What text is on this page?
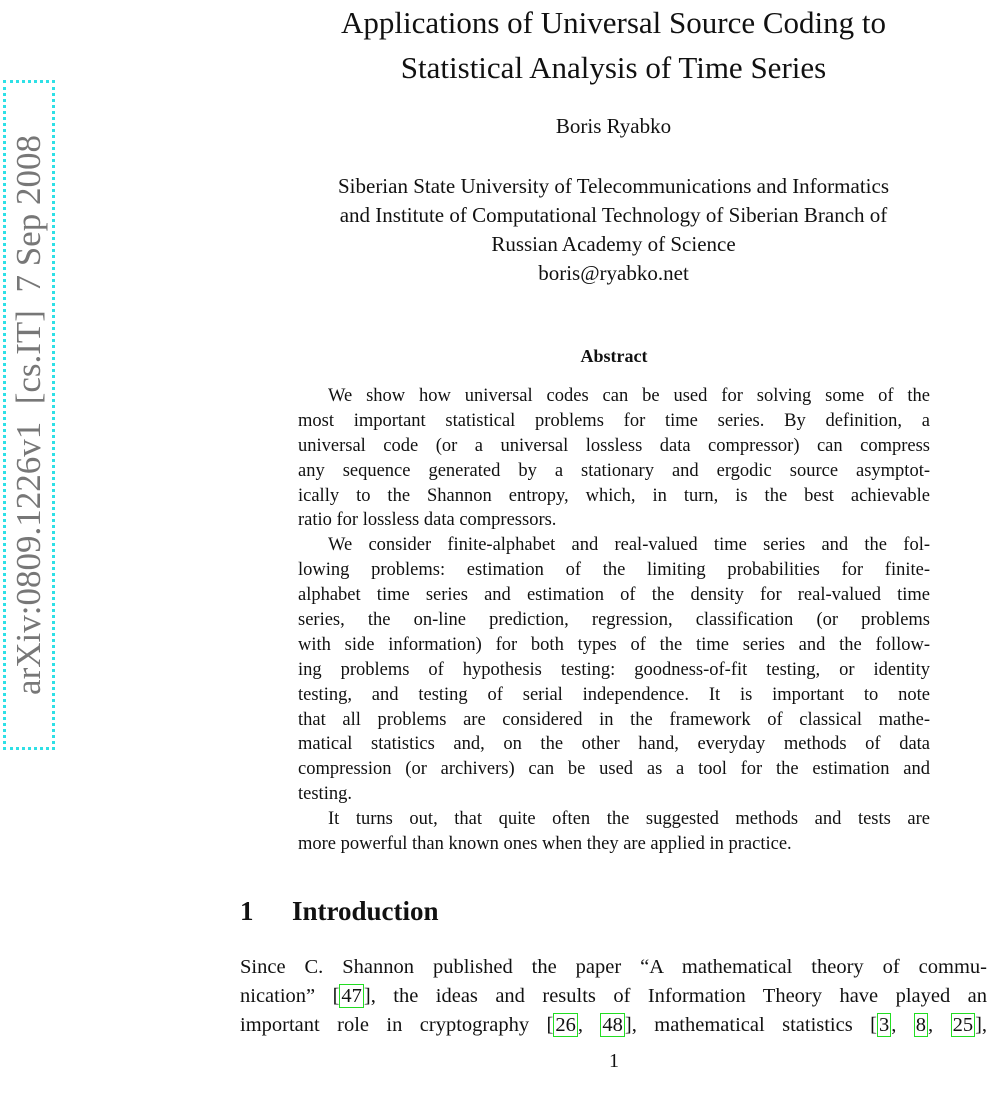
arXiv:0809.1226v1  [cs.IT]  7 Sep 2008
Applications of Universal Source Coding to
Statistical Analysis of Time Series
Boris Ryabko
Siberian State University of Telecommunications and Informatics
and Institute of Computational Technology of Siberian Branch of
Russian Academy of Science
boris@ryabko.net
Abstract
We show how universal codes can be used for solving some of the
most important statistical problems for time series. By definition, a
universal code (or a universal lossless data compressor) can compress
any sequence generated by a stationary and ergodic source asymptot-
ically to the Shannon entropy, which, in turn, is the best achievable
ratio for lossless data compressors.
We consider finite-alphabet and real-valued time series and the fol-
lowing problems: estimation of the limiting probabilities for finite-
alphabet time series and estimation of the density for real-valued time
series, the on-line prediction, regression, classification (or problems
with side information) for both types of the time series and the follow-
ing problems of hypothesis testing: goodness-of-fit testing, or identity
testing, and testing of serial independence. It is important to note
that all problems are considered in the framework of classical mathe-
matical statistics and, on the other hand, everyday methods of data
compression (or archivers) can be used as a tool for the estimation and
testing.
It turns out, that quite often the suggested methods and tests are
more powerful than known ones when they are applied in practice.
1 Introduction
Since C. Shannon published the paper “A mathematical theory of commu-
nication” [47], the ideas and results of Information Theory have played an
important role in cryptography [26, 48], mathematical statistics [3, 8, 25],
1
